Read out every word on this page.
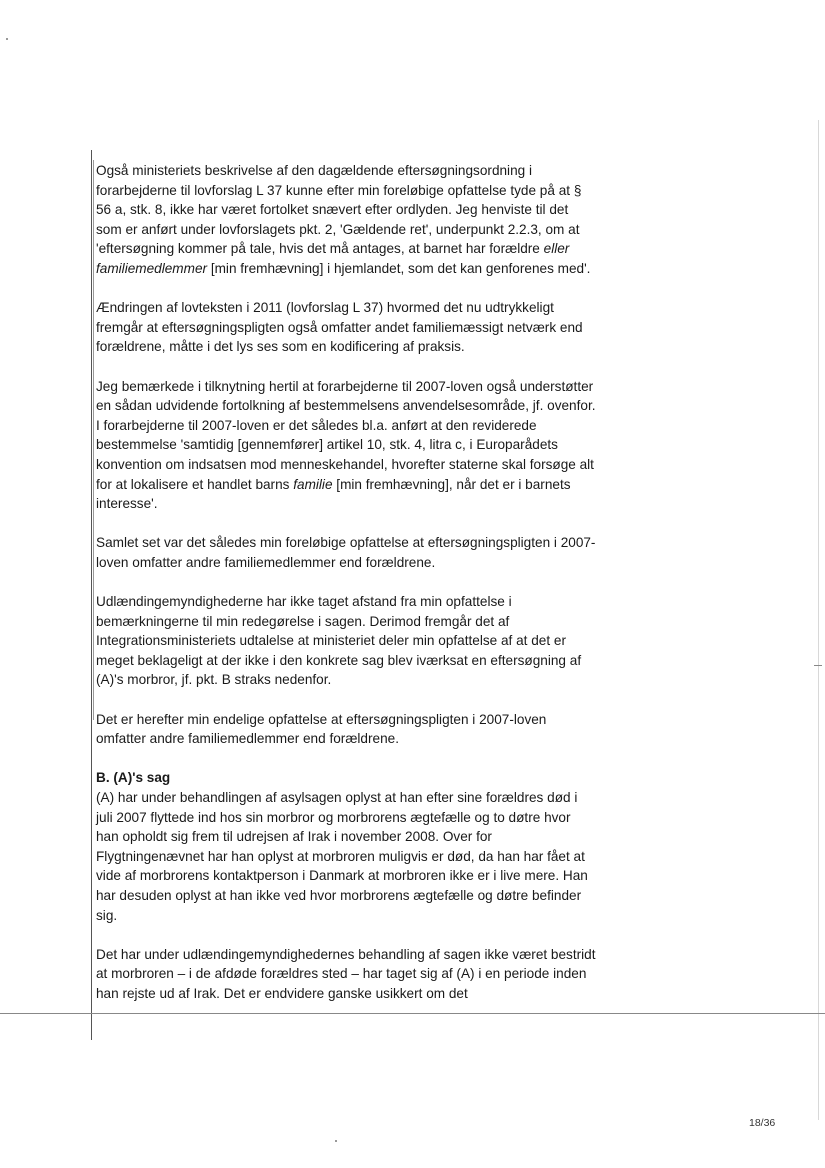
Også ministeriets beskrivelse af den dagældende eftersøgningsordning i forarbejderne til lovforslag L 37 kunne efter min foreløbige opfattelse tyde på at § 56 a, stk. 8, ikke har været fortolket snævert efter ordlyden. Jeg henviste til det som er anført under lovforslagets pkt. 2, 'Gældende ret', underpunkt 2.2.3, om at 'eftersøgning kommer på tale, hvis det må antages, at barnet har forældre eller familiemedlemmer [min fremhævning] i hjemlandet, som det kan genforenes med'.

Ændringen af lovteksten i 2011 (lovforslag L 37) hvormed det nu udtrykkeligt fremgår at eftersøgningspligten også omfatter andet familiemæssigt netværk end forældrene, måtte i det lys ses som en kodificering af praksis.

Jeg bemærkede i tilknytning hertil at forarbejderne til 2007-loven også understøtter en sådan udvidende fortolkning af bestemmelsens anvendelsesområde, jf. ovenfor. I forarbejderne til 2007-loven er det således bl.a. anført at den reviderede bestemmelse 'samtidig [gennemfører] artikel 10, stk. 4, litra c, i Europarådets konvention om indsatsen mod menneskehandel, hvorefter staterne skal forsøge alt for at lokalisere et handlet barns familie [min fremhævning], når det er i barnets interesse'.

Samlet set var det således min foreløbige opfattelse at eftersøgningspligten i 2007-loven omfatter andre familiemedlemmer end forældrene.

Udlændingemyndighederne har ikke taget afstand fra min opfattelse i bemærkningerne til min redegørelse i sagen. Derimod fremgår det af Integrationsministeriets udtalelse at ministeriet deler min opfattelse af at det er meget beklageligt at der ikke i den konkrete sag blev iværksat en eftersøgning af (A)'s morbror, jf. pkt. B straks nedenfor.

Det er herefter min endelige opfattelse at eftersøgningspligten i 2007-loven omfatter andre familiemedlemmer end forældrene.

B. (A)'s sag

(A) har under behandlingen af asylsagen oplyst at han efter sine forældres død i juli 2007 flyttede ind hos sin morbror og morbrorens ægtefælle og to døtre hvor han opholdt sig frem til udrejsen af Irak i november 2008. Over for Flygtningenævnet har han oplyst at morbroren muligvis er død, da han har fået at vide af morbrorens kontaktperson i Danmark at morbroren ikke er i live mere. Han har desuden oplyst at han ikke ved hvor morbrorens ægtefælle og døtre befinder sig.

Det har under udlændingemyndighedernes behandling af sagen ikke været bestridt at morbroren – i de afdøde forældres sted – har taget sig af (A) i en periode inden han rejste ud af Irak. Det er endvidere ganske usikkert om det

18/36
